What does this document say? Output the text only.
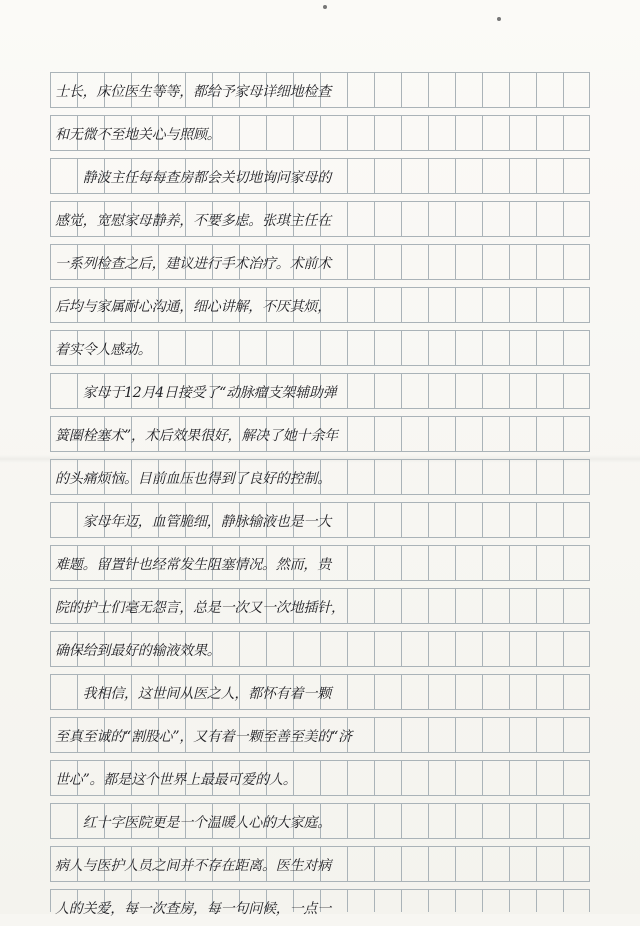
士长，床位医生等等，都给予家母详细地检查
和无微不至地关心与照顾。
　　静波主任每每查房都会关切地询问家母的
感觉，宽慰家母静养，不要多虑。张琪主任在
一系列检查之后，建议进行手术治疗。术前术
后均与家属耐心沟通，细心讲解，不厌其烦，
着实令人感动。
　　家母于12月4日接受了“动脉瘤支架辅助弹
簧圈栓塞术”，术后效果很好，解决了她十余年
的头痛烦恼。目前血压也得到了良好的控制。
　　家母年迈，血管脆细，静脉输液也是一大
难题。留置针也经常发生阻塞情况。然而，贵
院的护士们毫无怨言，总是一次又一次地插针，
确保给到最好的输液效果。
　　我相信，这世间从医之人，都怀有着一颗
至真至诚的“割股心”，又有着一颗至善至美的“济
世心”。都是这个世界上最最可爱的人。
　　红十字医院更是一个温暖人心的大家庭。
病人与医护人员之间并不存在距离。医生对病
人的关爱，每一次查房，每一句问候，一点一
